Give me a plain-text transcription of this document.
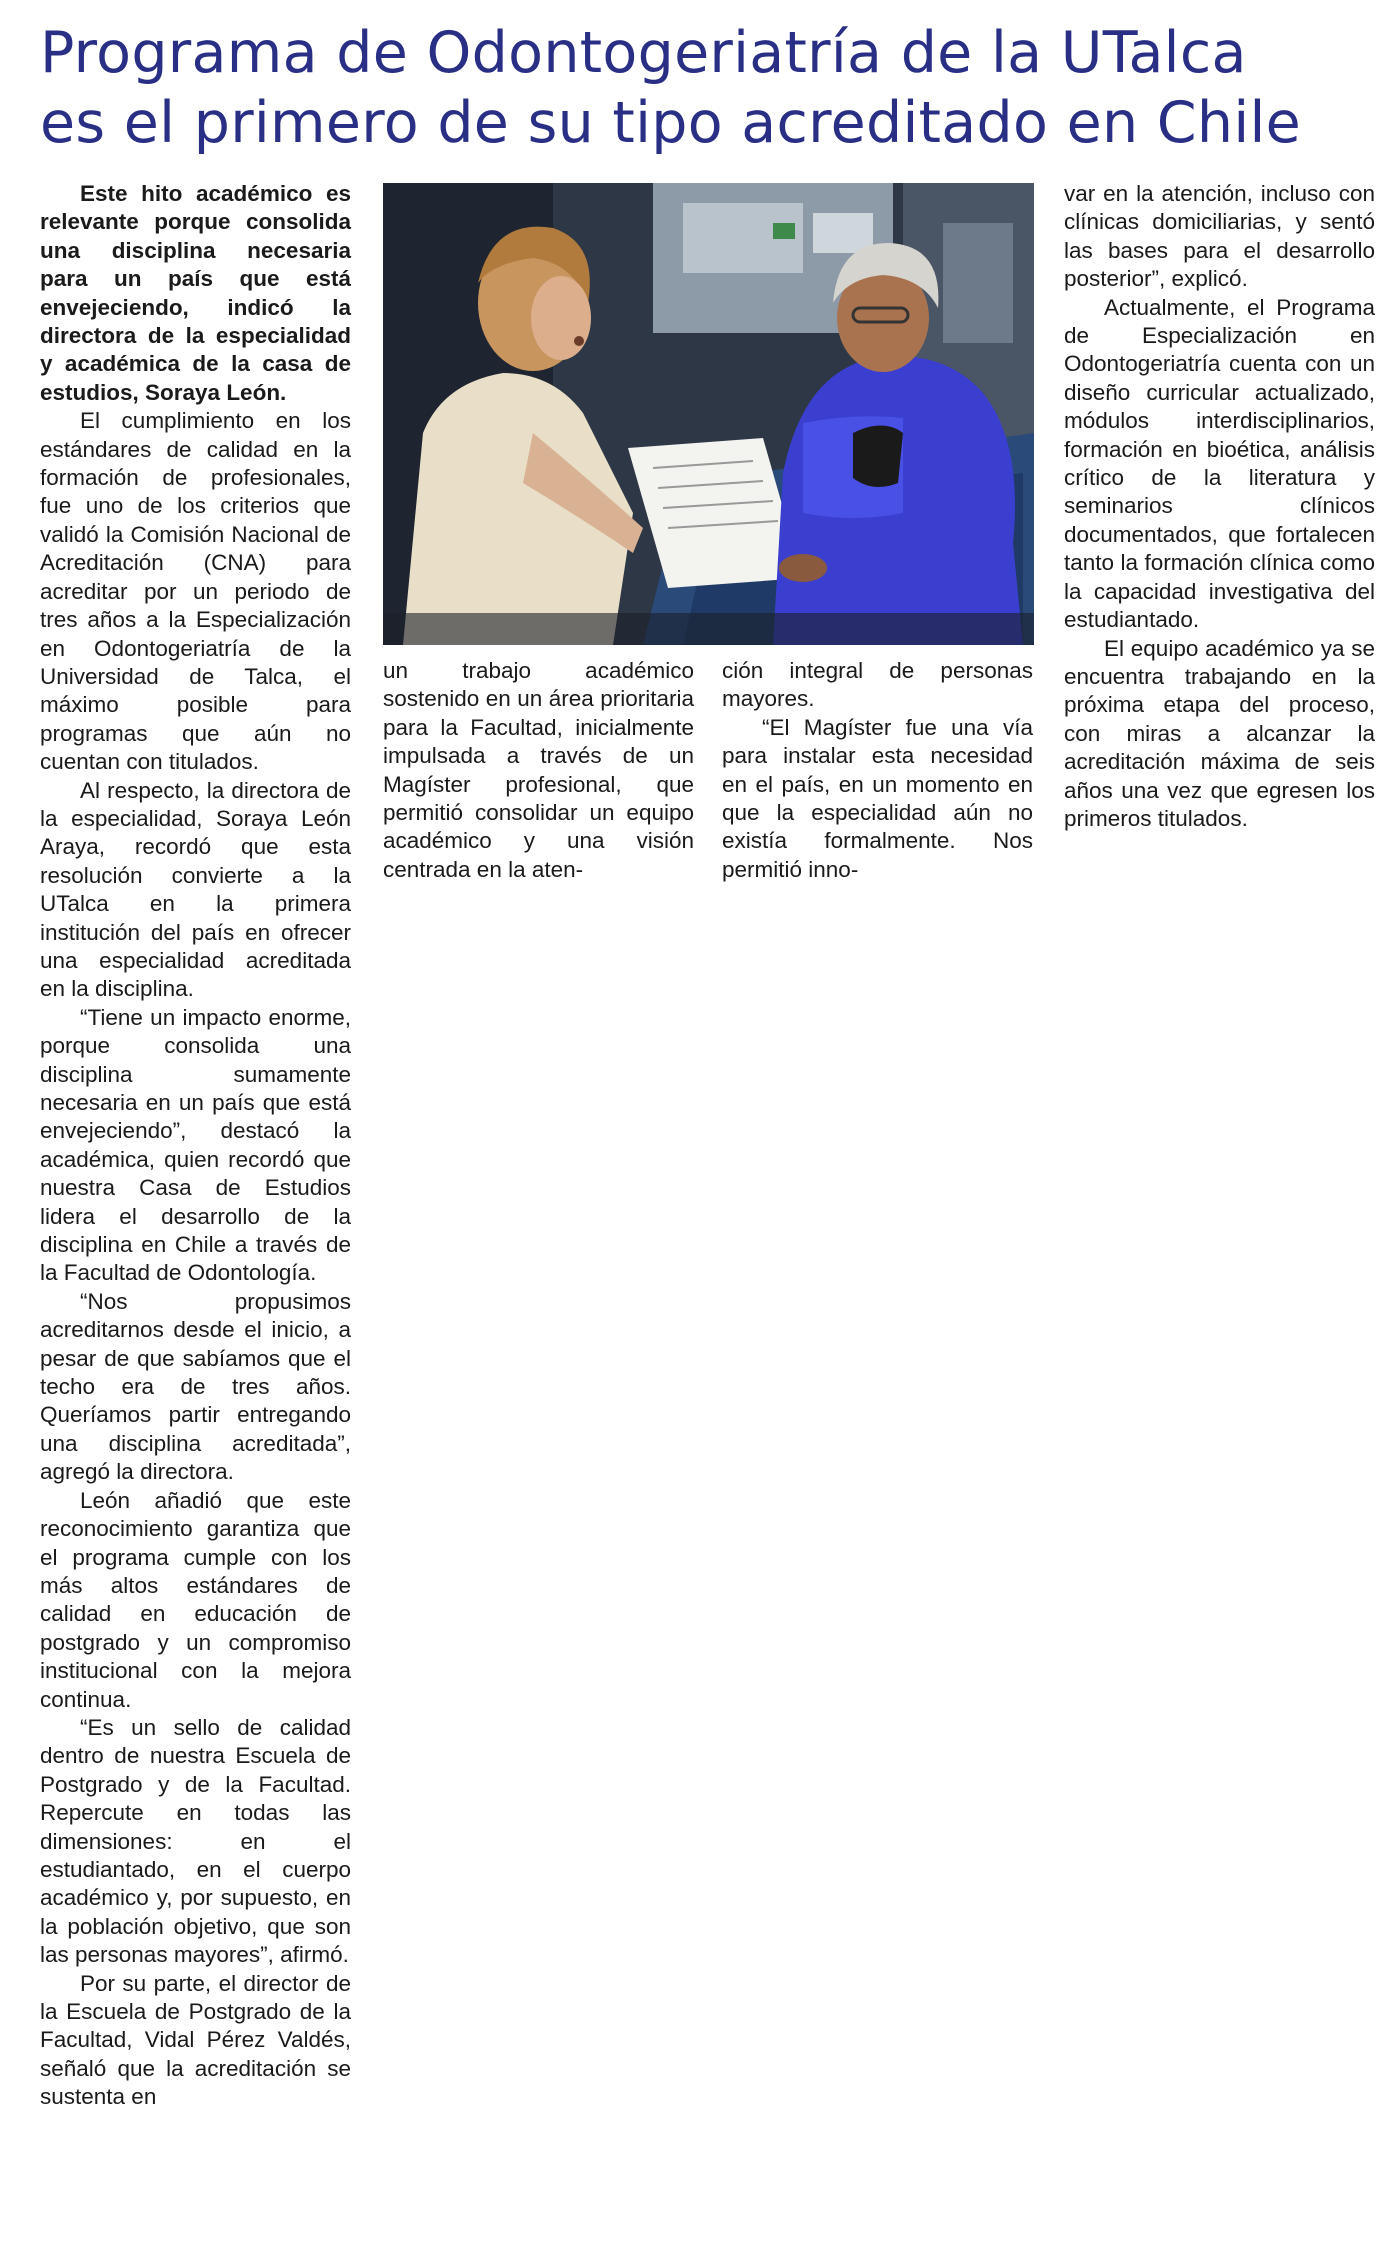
Programa de Odontogeriatría de la UTalca
es el primero de su tipo acreditado en Chile

Este hito académico es relevante porque consolida una disciplina necesaria para un país que está envejeciendo, indicó la directora de la especialidad y académica de la casa de estudios, Soraya León.

El cumplimiento en los estándares de calidad en la formación de profesionales, fue uno de los criterios que validó la Comisión Nacional de Acreditación (CNA) para acreditar por un periodo de tres años a la Especialización en Odontogeriatría de la Universidad de Talca, el máximo posible para programas que aún no cuentan con titulados.

Al respecto, la directora de la especialidad, Soraya León Araya, recordó que esta resolución convierte a la UTalca en la primera institución del país en ofrecer una especialidad acreditada en la disciplina.

“Tiene un impacto enorme, porque consolida una disciplina sumamente necesaria en un país que está envejeciendo”, destacó la académica, quien recordó que nuestra Casa de Estudios lidera el desarrollo de la disciplina en Chile a través de la Facultad de Odontología.

“Nos propusimos acreditarnos desde el inicio, a pesar de que sabíamos que el techo era de tres años. Queríamos partir entregando una disciplina acreditada”, agregó la directora.

León añadió que este reconocimiento garantiza que el programa cumple con los más altos estándares de calidad en educación de postgrado y un compromiso institucional con la mejora continua.

“Es un sello de calidad dentro de nuestra Escuela de Postgrado y de la Facultad. Repercute en todas las dimensiones: en el estudiantado, en el cuerpo académico y, por supuesto, en la población objetivo, que son las personas mayores”, afirmó.

Por su parte, el director de la Escuela de Postgrado de la Facultad, Vidal Pérez Valdés, señaló que la acreditación se sustenta en

un trabajo académico sostenido en un área prioritaria para la Facultad, inicialmente impulsada a través de un Magíster profesional, que permitió consolidar un equipo académico y una visión centrada en la aten-

ción integral de personas mayores.

“El Magíster fue una vía para instalar esta necesidad en el país, en un momento en que la especialidad aún no existía formalmente. Nos permitió inno-

var en la atención, incluso con clínicas domiciliarias, y sentó las bases para el desarrollo posterior”, explicó.

Actualmente, el Programa de Especialización en Odontogeriatría cuenta con un diseño curricular actualizado, módulos interdisciplinarios, formación en bioética, análisis crítico de la literatura y seminarios clínicos documentados, que fortalecen tanto la formación clínica como la capacidad investigativa del estudiantado.

El equipo académico ya se encuentra trabajando en la próxima etapa del proceso, con miras a alcanzar la acreditación máxima de seis años una vez que egresen los primeros titulados.
